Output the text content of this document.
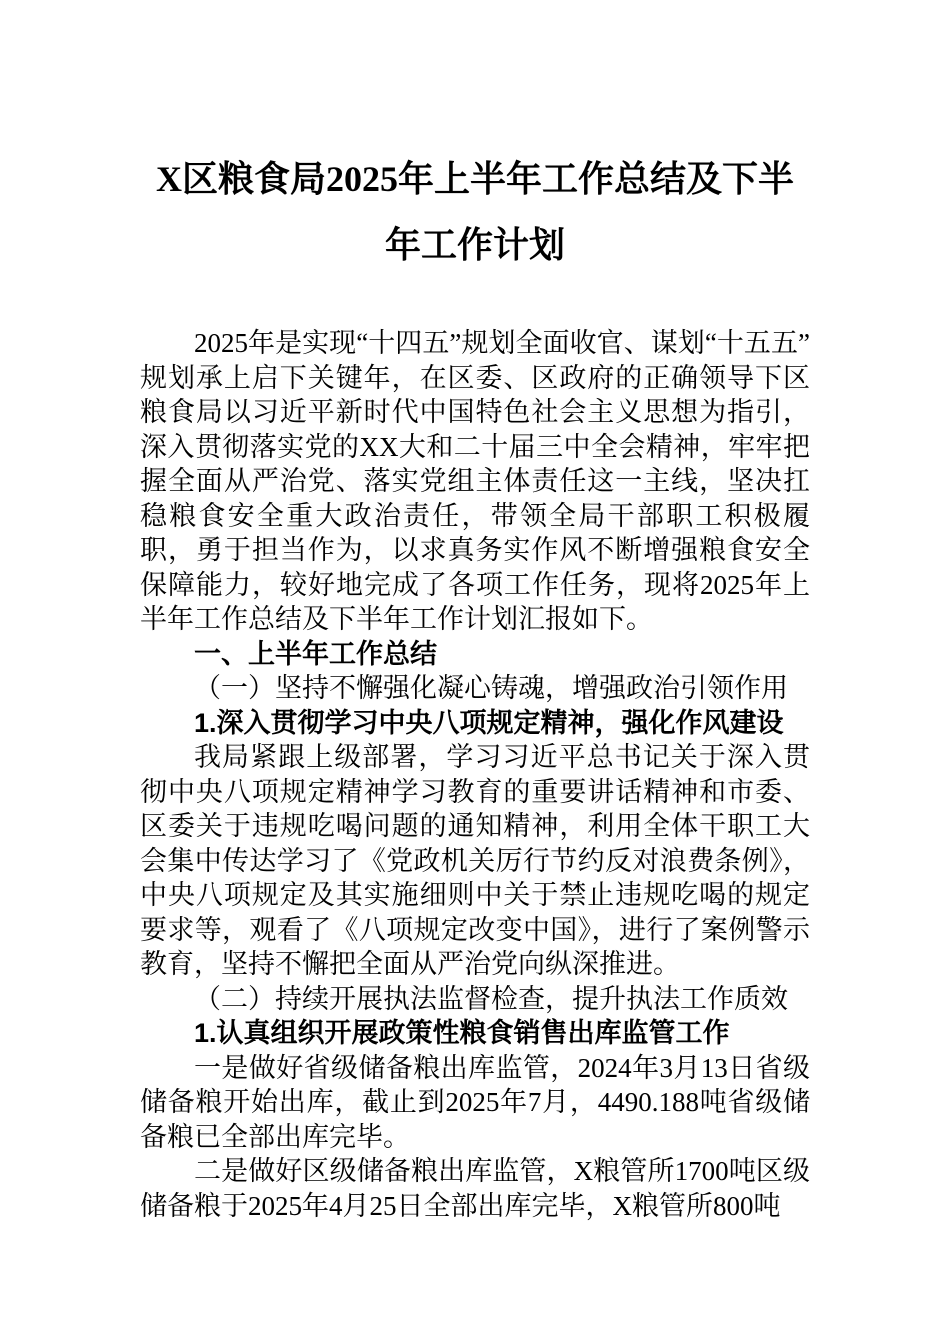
X区粮食局2025年上半年工作总结及下半年工作计划

2025年是实现“十四五”规划全面收官、谋划“十五五”规划承上启下关键年，在区委、区政府的正确领导下区粮食局以习近平新时代中国特色社会主义思想为指引，深入贯彻落实党的XX大和二十届三中全会精神，牢牢把握全面从严治党、落实党组主体责任这一主线，坚决扛稳粮食安全重大政治责任，带领全局干部职工积极履职，勇于担当作为，以求真务实作风不断增强粮食安全保障能力，较好地完成了各项工作任务，现将2025年上半年工作总结及下半年工作计划汇报如下。

一、上半年工作总结
（一）坚持不懈强化凝心铸魂，增强政治引领作用
1.深入贯彻学习中央八项规定精神，强化作风建设

我局紧跟上级部署，学习习近平总书记关于深入贯彻中央八项规定精神学习教育的重要讲话精神和市委、区委关于违规吃喝问题的通知精神，利用全体干职工大会集中传达学习了《党政机关厉行节约反对浪费条例》，中央八项规定及其实施细则中关于禁止违规吃喝的规定要求等，观看了《八项规定改变中国》，进行了案例警示教育，坚持不懈把全面从严治党向纵深推进。

（二）持续开展执法监督检查，提升执法工作质效
1.认真组织开展政策性粮食销售出库监管工作

一是做好省级储备粮出库监管，2024年3月13日省级储备粮开始出库，截止到2025年7月，4490.188吨省级储备粮已全部出库完毕。

二是做好区级储备粮出库监管，X粮管所1700吨区级储备粮于2025年4月25日全部出库完毕，X粮管所800吨
